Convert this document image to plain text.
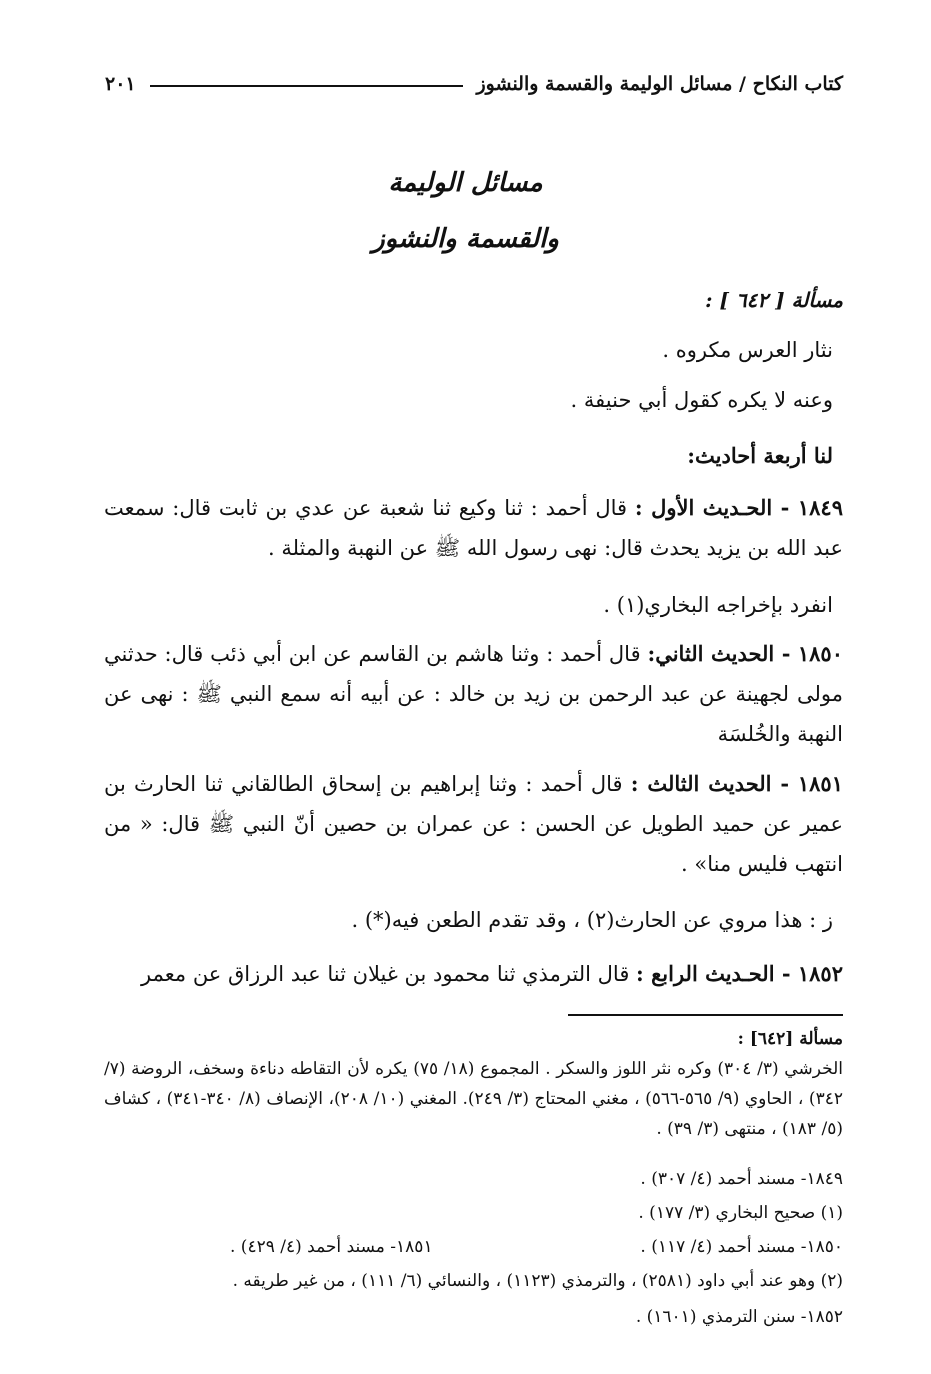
كتاب النكاح / مسائل الوليمة والقسمة والنشوز
٢٠١
مسائل الوليمة
والقسمة والنشوز
مسألة [ ٦٤٢ ] :
نثار العرس مكروه .
وعنه لا يكره كقول أبي حنيفة .
لنا أربعة أحاديث:
١٨٤٩ - الحـديث الأول : قال أحمد : ثنا وكيع ثنا شعبة عن عدي بن ثابت قال: سمعت عبد الله بن يزيد يحدث قال: نهى رسول الله ﷺ عن النهبة والمثلة .
انفرد بإخراجه البخاري(١) .
١٨٥٠ - الحديث الثاني: قال أحمد : وثنا هاشم بن القاسم عن ابن أبي ذئب قال: حدثني مولى لجهينة عن عبد الرحمن بن زيد بن خالد : عن أبيه أنه سمع النبي ﷺ : نهى عن النهبة والخُلسَة
١٨٥١ - الحديث الثالث : قال أحمد : وثنا إبراهيم بن إسحاق الطالقاني ثنا الحارث بن عمير عن حميد الطويل عن الحسن : عن عمران بن حصين أنّ النبي ﷺ قال: « من انتهب فليس منا» .
ز : هذا مروي عن الحارث(٢) ، وقد تقدم الطعن فيه(*) .
١٨٥٢ - الحـديث الرابع : قال الترمذي ثنا محمود بن غيلان ثنا عبد الرزاق عن معمر
مسألة [٦٤٢] :
الخرشي (٣/ ٣٠٤) وكره نثر اللوز والسكر . المجموع (١٨/ ٧٥) يكره لأن التقاطه دناءة وسخف، الروضة (٧/ ٣٤٢) ، الحاوي (٩/ ٥٦٥-٥٦٦) ، مغني المحتاج (٣/ ٢٤٩). المغني (١٠/ ٢٠٨)، الإنصاف (٨/ ٣٤٠-٣٤١) ، كشاف (٥/ ١٨٣) ، منتهى (٣/ ٣٩) .
١٨٤٩- مسند أحمد (٤/ ٣٠٧) .
(١) صحيح البخاري (٣/ ١٧٧) .
١٨٥٠- مسند أحمد (٤/ ١١٧) .
١٨٥١- مسند أحمد (٤/ ٤٢٩) .
(٢) وهو عند أبي داود (٢٥٨١) ، والترمذي (١١٢٣) ، والنسائي (٦/ ١١١) ، من غير طريقه .
١٨٥٢- سنن الترمذي (١٦٠١) .
